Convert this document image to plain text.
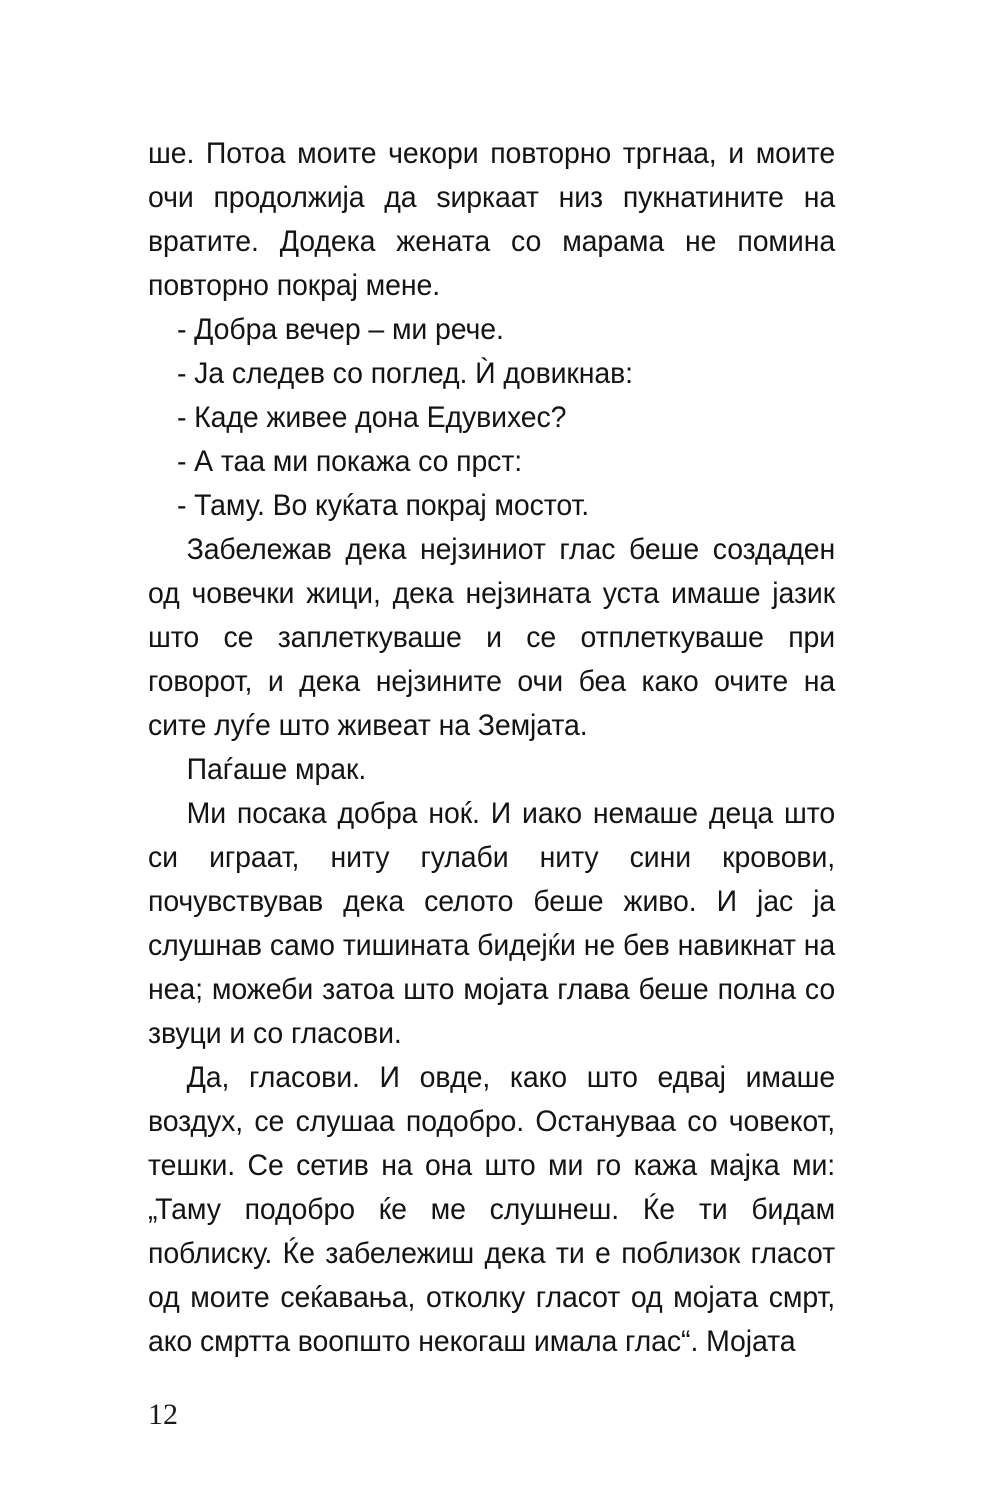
ше. Потоа моите чекори повторно тргнаа, и моите очи продолжија да ѕиркаат низ пукнатините на вратите. Додека жената со марама не помина повторно покрај мене.

- Добра вечер – ми рече.

- Ја следев со поглед. Ѝ довикнав:

- Каде живее дона Едувихес?

- А таа ми покажа со прст:

- Таму. Во куќата покрај мостот.

Забележав дека нејзиниот глас беше создаден од човечки жици, дека нејзината уста имаше јазик што се заплеткуваше и се отплеткуваше при говорот, и дека нејзините очи беа како очите на сите луѓе што живеат на Земјата.

Паѓаше мрак.

Ми посака добра ноќ. И иако немаше деца што си играат, ниту гулаби ниту сини кровови, почувствував дека селото беше живо. И јас ја слушнав само тишината бидејќи не бев навикнат на неа; можеби затоа што мојата глава беше полна со звуци и со гласови.

Да, гласови. И овде, како што едваj имаше воздух, се слушаа подобро. Остануваа со човекот, тешки. Се сетив на она што ми го кажа мајка ми: „Таму подобро ќе ме слушнеш. Ќе ти бидам поблиску. Ќе забележиш дека ти е поблизок гласот од моите сеќавања, отколку гласот од мојата смрт, ако смртта воопшто некогаш имала глас“. Мојата

12
